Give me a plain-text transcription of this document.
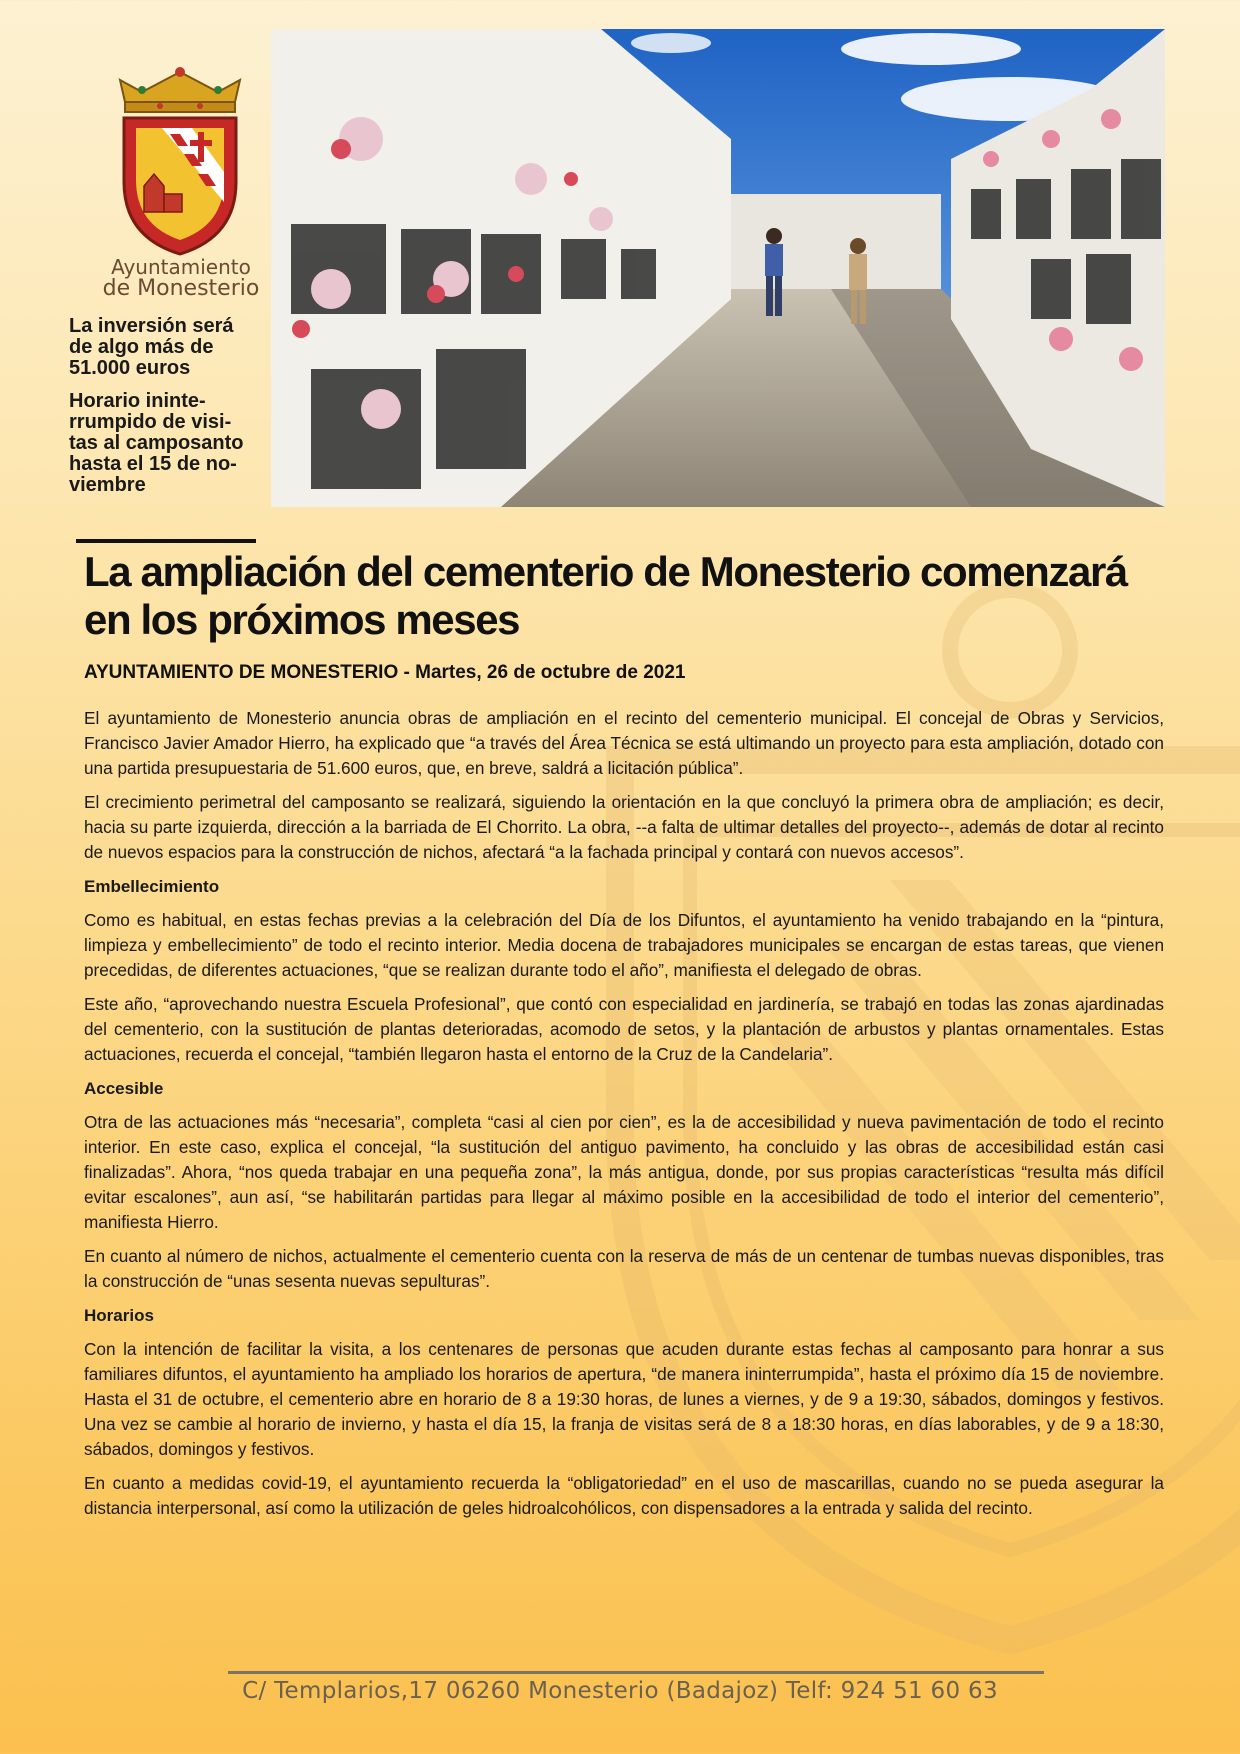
Ayuntamiento
de Monesterio

La inversión será de algo más de 51.000 euros

Horario ininte-rrumpido de visi-tas al camposanto hasta el 15 de no-viembre

La ampliación del cementerio de Monesterio comenzará en los próximos meses
AYUNTAMIENTO DE MONESTERIO - Martes, 26 de octubre de 2021

El ayuntamiento de Monesterio anuncia obras de ampliación en el recinto del cementerio municipal. El concejal de Obras y Servicios, Francisco Javier Amador Hierro, ha explicado que “a través del Área Técnica se está ultimando un proyecto para esta ampliación, dotado con una partida presupuestaria de 51.600 euros, que, en breve, saldrá a licitación pública”.

El crecimiento perimetral del camposanto se realizará, siguiendo la orientación en la que concluyó la primera obra de ampliación; es decir, hacia su parte izquierda, dirección a la barriada de El Chorrito. La obra, --a falta de ultimar detalles del proyecto--, además de dotar al recinto de nuevos espacios para la construcción de nichos, afectará “a la fachada principal y contará con nuevos accesos”.

Embellecimiento

Como es habitual, en estas fechas previas a la celebración del Día de los Difuntos, el ayuntamiento ha venido trabajando en la “pintura, limpieza y embellecimiento” de todo el recinto interior. Media docena de trabajadores municipales se encargan de estas tareas, que vienen precedidas, de diferentes actuaciones, “que se realizan durante todo el año”, manifiesta el delegado de obras.

Este año, “aprovechando nuestra Escuela Profesional”, que contó con especialidad en jardinería, se trabajó en todas las zonas ajardinadas del cementerio, con la sustitución de plantas deterioradas, acomodo de setos, y la plantación de arbustos y plantas ornamentales. Estas actuaciones, recuerda el concejal, “también llegaron hasta el entorno de la Cruz de la Candelaria”.

Accesible

Otra de las actuaciones más “necesaria”, completa “casi al cien por cien”, es la de accesibilidad y nueva pavimentación de todo el recinto interior. En este caso, explica el concejal, “la sustitución del antiguo pavimento, ha concluido y las obras de accesibilidad están casi finalizadas”. Ahora, “nos queda trabajar en una pequeña zona”, la más antigua, donde, por sus propias características “resulta más difícil evitar escalones”, aun así, “se habilitarán partidas para llegar al máximo posible en la accesibilidad de todo el interior del cementerio”, manifiesta Hierro.

En cuanto al número de nichos, actualmente el cementerio cuenta con la reserva de más de un centenar de tumbas nuevas disponibles, tras la construcción de “unas sesenta nuevas sepulturas”.

Horarios

Con la intención de facilitar la visita, a los centenares de personas que acuden durante estas fechas al camposanto para honrar a sus familiares difuntos, el ayuntamiento ha ampliado los horarios de apertura, “de manera ininterrumpida”, hasta el próximo día 15 de noviembre. Hasta el 31 de octubre, el cementerio abre en horario de 8 a 19:30 horas, de lunes a viernes, y de 9 a 19:30, sábados, domingos y festivos. Una vez se cambie al horario de invierno, y hasta el día 15, la franja de visitas será de 8 a 18:30 horas, en días laborables, y de 9 a 18:30, sábados, domingos y festivos.

En cuanto a medidas covid-19, el ayuntamiento recuerda la “obligatoriedad” en el uso de mascarillas, cuando no se pueda asegurar la distancia interpersonal, así como la utilización de geles hidroalcohólicos, con dispensadores a la entrada y salida del recinto.

C/ Templarios,17 06260 Monesterio (Badajoz) Telf: 924 51 60 63
